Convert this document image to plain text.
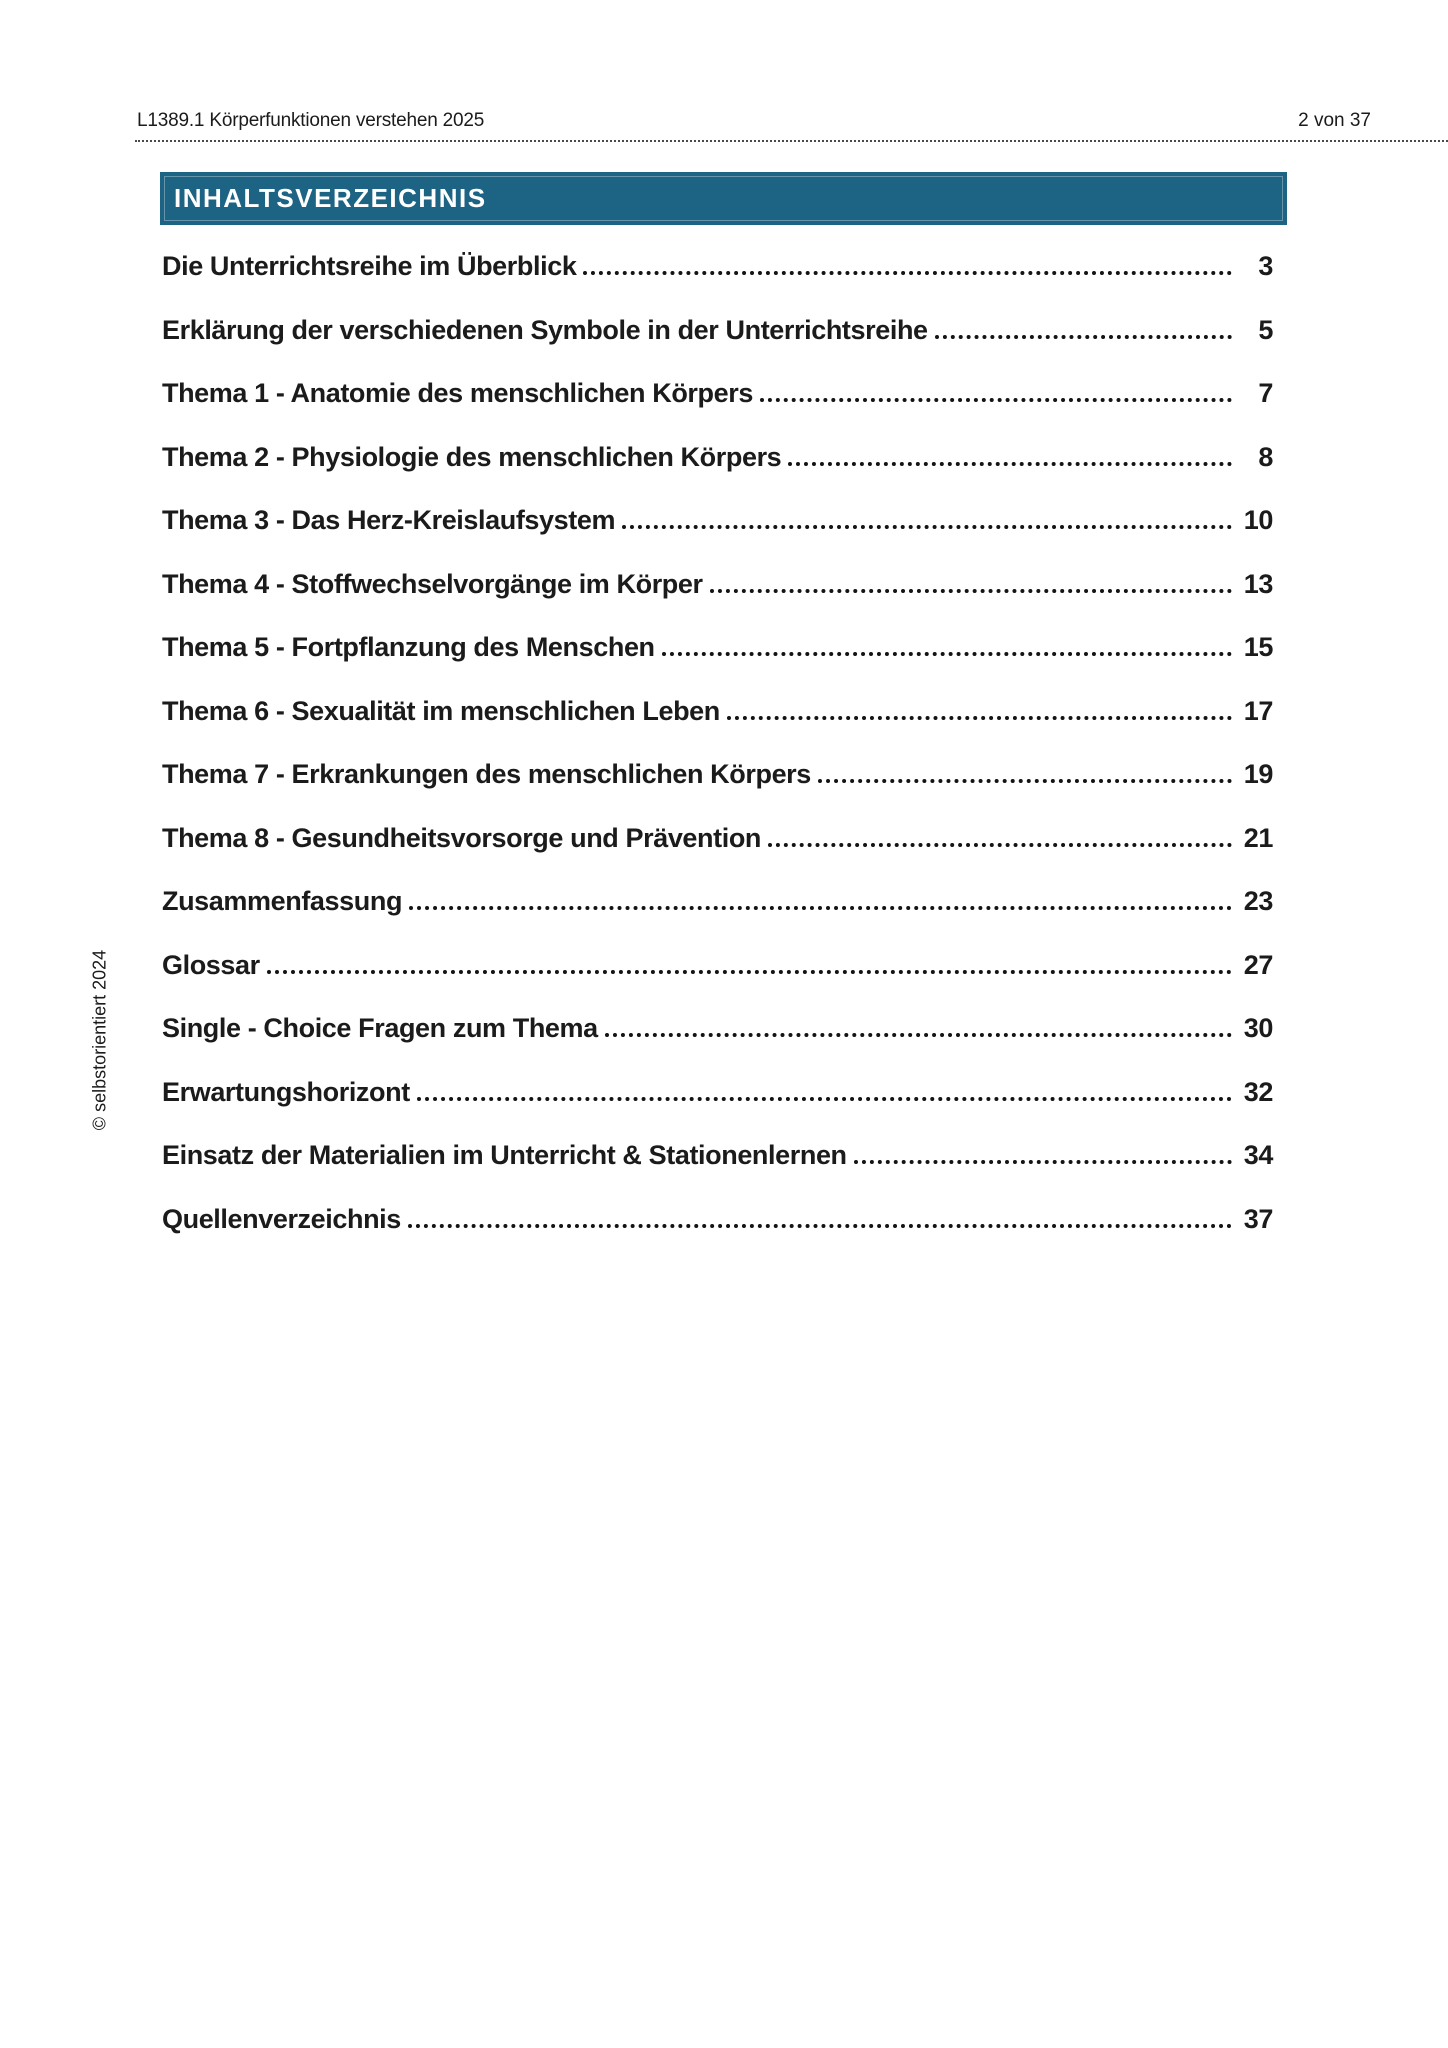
L1389.1 Körperfunktionen verstehen 2025	2 von 37
INHALTSVERZEICHNIS
Die Unterrichtsreihe im Überblick	3
Erklärung der verschiedenen Symbole in der Unterrichtsreihe	5
Thema 1 - Anatomie des menschlichen Körpers	7
Thema 2 - Physiologie des menschlichen Körpers	8
Thema 3 - Das Herz-Kreislaufsystem	10
Thema 4 - Stoffwechselvorgänge im Körper	13
Thema 5 - Fortpflanzung des Menschen	15
Thema 6 - Sexualität im menschlichen Leben	17
Thema 7 - Erkrankungen des menschlichen Körpers	19
Thema 8 - Gesundheitsvorsorge und Prävention	21
Zusammenfassung	23
Glossar	27
Single - Choice Fragen zum Thema	30
Erwartungshorizont	32
Einsatz der Materialien im Unterricht & Stationenlernen	34
Quellenverzeichnis	37
© selbstorientiert 2024
